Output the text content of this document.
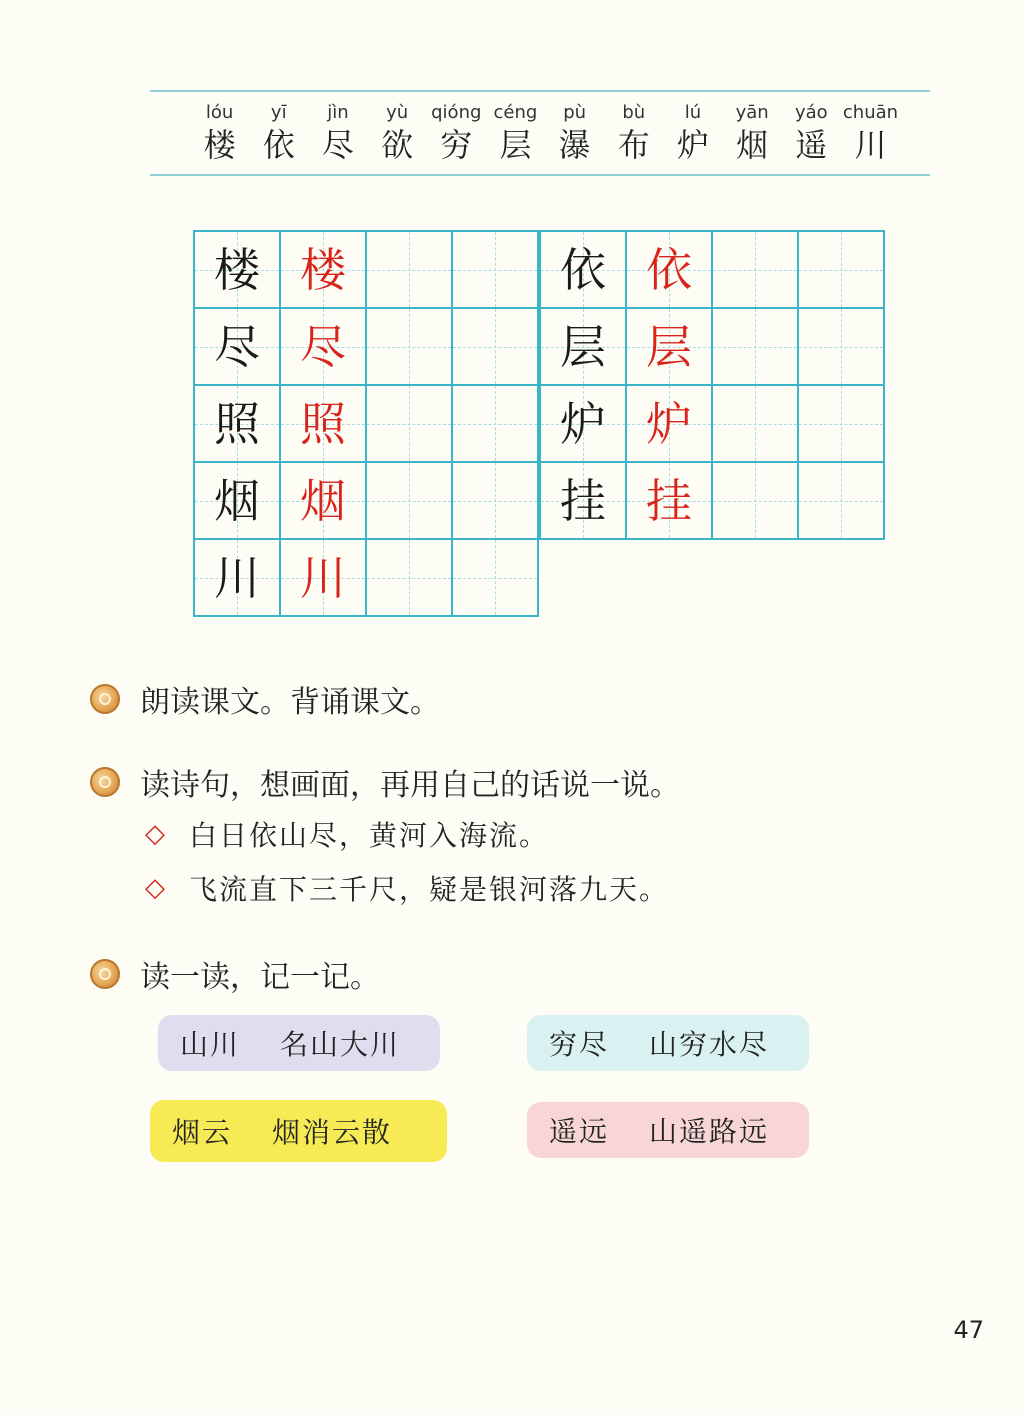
lóu
楼
yī
依
jìn
尽
yù
欲
qióng
穷
céng
层
pù
瀑
bù
布
lú
炉
yān
烟
yáo
遥
chuān
川
楼 楼
尽 尽
照 照
烟 烟
川 川
依 依
层 层
炉 炉
挂 挂
朗读课文。背诵课文。
读诗句，想画面，再用自己的话说一说。
◇ 白日依山尽，黄河入海流。
◇ 飞流直下三千尺，疑是银河落九天。
读一读，记一记。
山川 名山大川	穷尽 山穷水尽
烟云 烟消云散	遥远 山遥路远
47
